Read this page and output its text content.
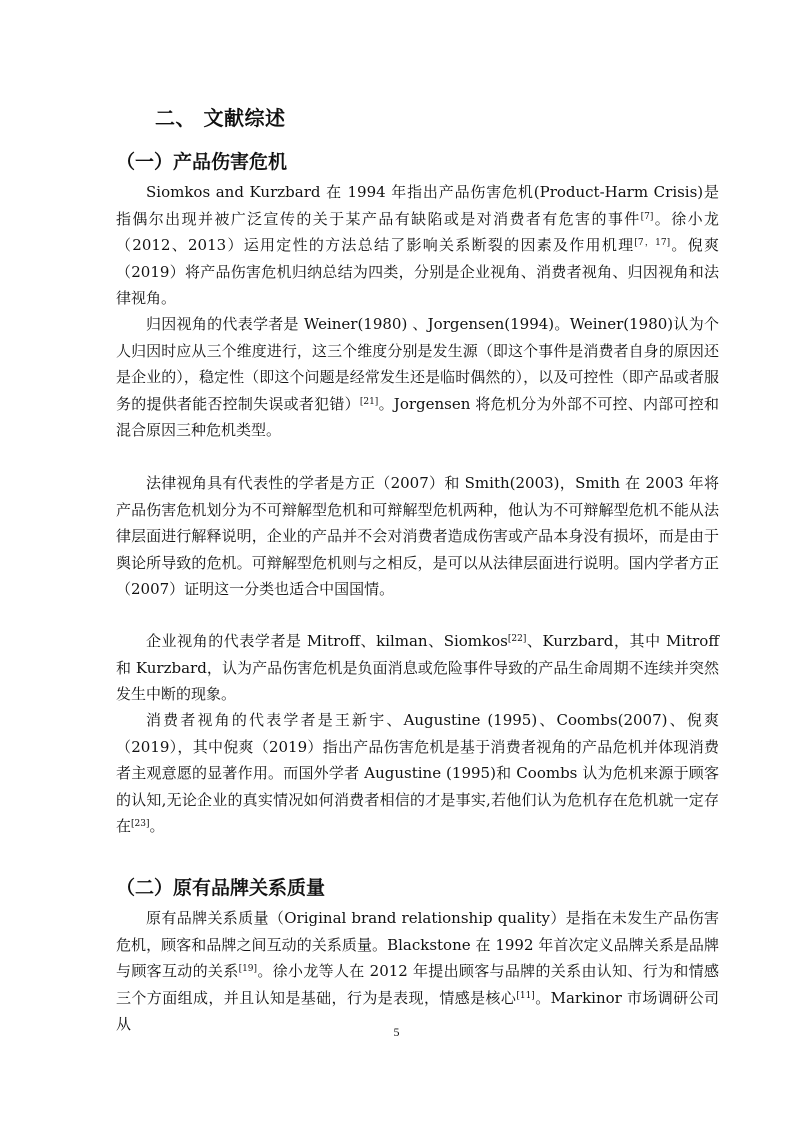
二、 文献综述
（一）产品伤害危机

Siomkos and Kurzbard 在 1994 年指出产品伤害危机(Product-Harm Crisis)是指偶尔出现并被广泛宣传的关于某产品有缺陷或是对消费者有危害的事件[7]。徐小龙（2012、2013）运用定性的方法总结了影响关系断裂的因素及作用机理[7，17]。倪爽（2019）将产品伤害危机归纳总结为四类，分别是企业视角、消费者视角、归因视角和法律视角。

归因视角的代表学者是 Weiner(1980) 、Jorgensen(1994)。Weiner(1980)认为个人归因时应从三个维度进行，这三个维度分别是发生源（即这个事件是消费者自身的原因还是企业的），稳定性（即这个问题是经常发生还是临时偶然的），以及可控性（即产品或者服务的提供者能否控制失误或者犯错）[21]。Jorgensen 将危机分为外部不可控、内部可控和混合原因三种危机类型。

法律视角具有代表性的学者是方正（2007）和 Smith(2003)，Smith 在 2003 年将产品伤害危机划分为不可辩解型危机和可辩解型危机两种，他认为不可辩解型危机不能从法律层面进行解释说明，企业的产品并不会对消费者造成伤害或产品本身没有损坏，而是由于舆论所导致的危机。可辩解型危机则与之相反，是可以从法律层面进行说明。国内学者方正（2007）证明这一分类也适合中国国情。

企业视角的代表学者是 Mitroff、kilman、Siomkos[22]、Kurzbard，其中 Mitroff 和 Kurzbard，认为产品伤害危机是负面消息或危险事件导致的产品生命周期不连续并突然发生中断的现象。

消费者视角的代表学者是王新宇、Augustine (1995)、Coombs(2007)、倪爽（2019），其中倪爽（2019）指出产品伤害危机是基于消费者视角的产品危机并体现消费者主观意愿的显著作用。而国外学者 Augustine (1995)和 Coombs 认为危机来源于顾客的认知,无论企业的真实情况如何消费者相信的才是事实,若他们认为危机存在危机就一定存在[23]。

（二）原有品牌关系质量

原有品牌关系质量（Original brand relationship quality）是指在未发生产品伤害危机，顾客和品牌之间互动的关系质量。Blackstone 在 1992 年首次定义品牌关系是品牌与顾客互动的关系[19]。徐小龙等人在 2012 年提出顾客与品牌的关系由认知、行为和情感三个方面组成，并且认知是基础，行为是表现，情感是核心[11]。Markinor 市场调研公司从	5
